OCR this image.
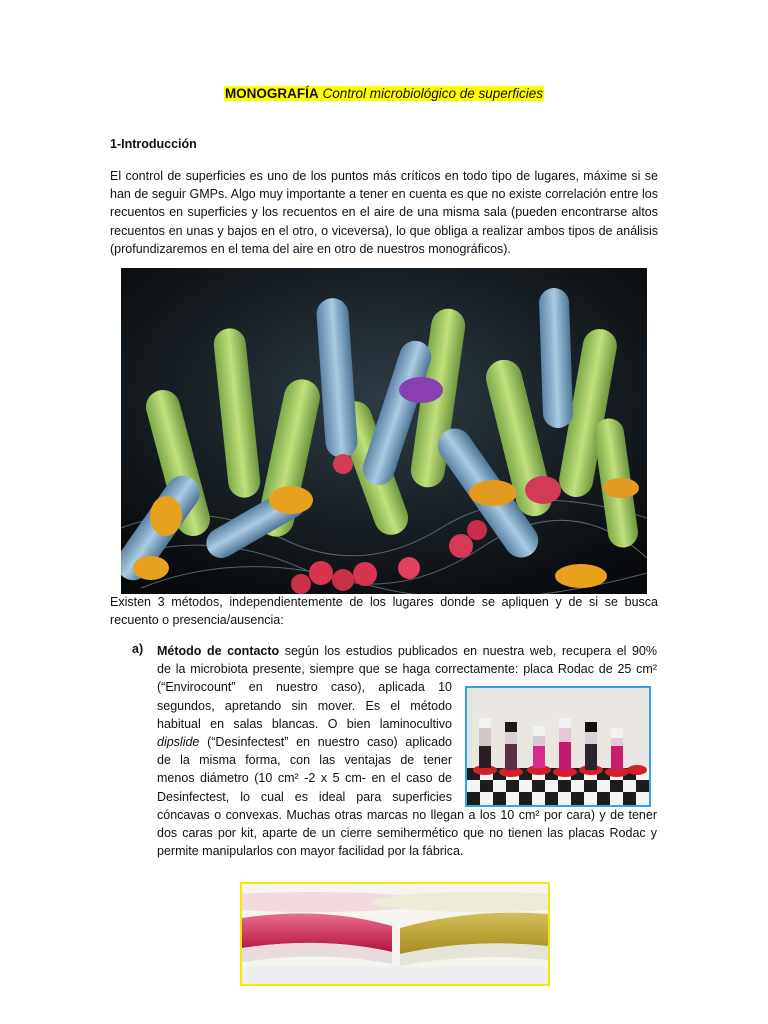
MONOGRAFÍA Control microbiológico de superficies
1-Introducción
El control de superficies es uno de los puntos más críticos en todo tipo de lugares, máxime si se han de seguir GMPs. Algo muy importante a tener en cuenta es que no existe correlación entre los recuentos en superficies y los recuentos en el aire de una misma sala (pueden encontrarse altos recuentos en unas y bajos en el otro, o viceversa), lo que obliga a realizar ambos tipos de análisis (profundizaremos en el tema del aire en otro de nuestros monográficos).
Existen 3 métodos, independientemente de los lugares donde se apliquen y de si se busca recuento o presencia/ausencia:
a) Método de contacto según los estudios publicados en nuestra web, recupera el 90%
de la microbiota presente, siempre que se haga correctamente: placa Rodac de 25 cm²
(“Envirocount” en nuestro caso), aplicada 10
segundos, apretando sin mover. Es el método
habitual en salas blancas. O bien laminocultivo
dipslide (“Desinfectest” en nuestro caso) aplicado
de la misma forma, con las ventajas de tener
menos diámetro (10 cm² -2 x 5 cm- en el caso de
Desinfectest, lo cual es ideal para superficies
cóncavas o convexas. Muchas otras marcas no llegan a los 10 cm² por cara) y de tener
dos caras por kit, aparte de un cierre semihermético que no tienen las placas Rodac y
permite manipularlos con mayor facilidad por la fábrica.
